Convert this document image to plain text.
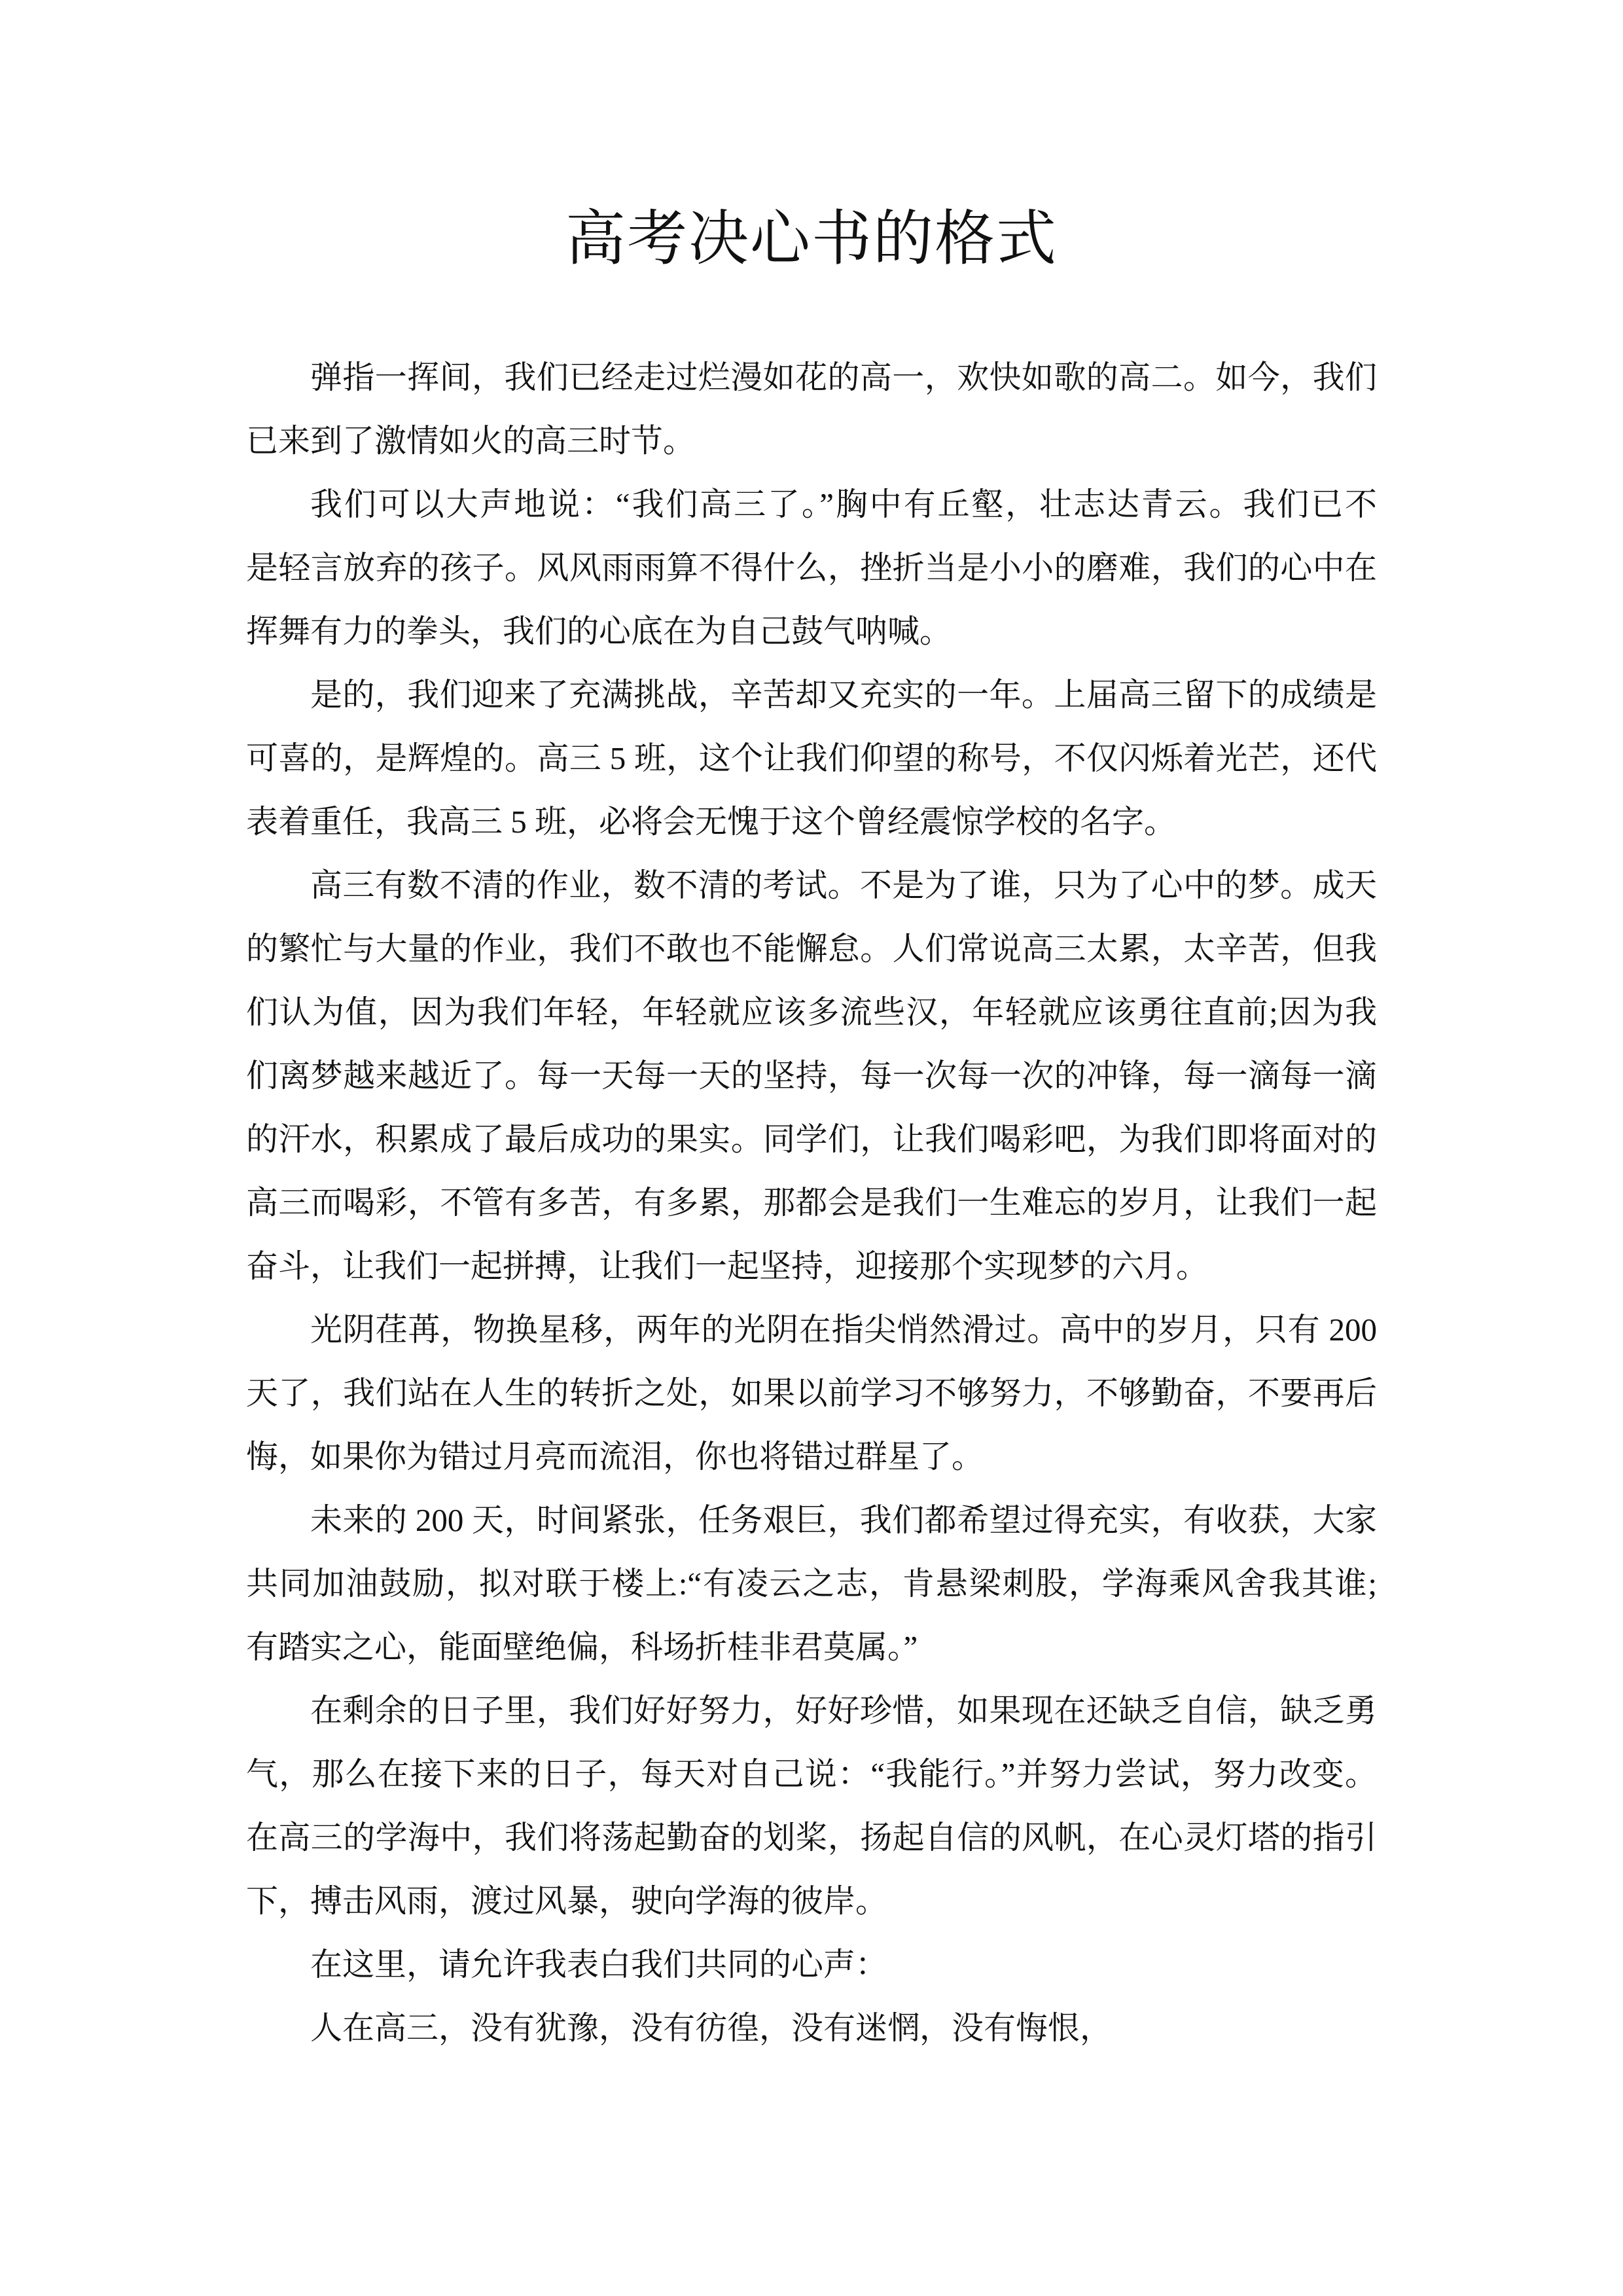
高考决心书的格式
弹指一挥间，我们已经走过烂漫如花的高一，欢快如歌的高二。如今，我们
已来到了激情如火的高三时节。
我们可以大声地说：“我们高三了。”胸中有丘壑，壮志达青云。我们已不
是轻言放弃的孩子。风风雨雨算不得什么，挫折当是小小的磨难，我们的心中在
挥舞有力的拳头，我们的心底在为自己鼓气呐喊。
是的，我们迎来了充满挑战，辛苦却又充实的一年。上届高三留下的成绩是
可喜的，是辉煌的。高三 5 班，这个让我们仰望的称号，不仅闪烁着光芒，还代
表着重任，我高三 5 班，必将会无愧于这个曾经震惊学校的名字。
高三有数不清的作业，数不清的考试。不是为了谁，只为了心中的梦。成天
的繁忙与大量的作业，我们不敢也不能懈怠。人们常说高三太累，太辛苦，但我
们认为值，因为我们年轻，年轻就应该多流些汉，年轻就应该勇往直前;因为我
们离梦越来越近了。每一天每一天的坚持，每一次每一次的冲锋，每一滴每一滴
的汗水，积累成了最后成功的果实。同学们，让我们喝彩吧，为我们即将面对的
高三而喝彩，不管有多苦，有多累，那都会是我们一生难忘的岁月，让我们一起
奋斗，让我们一起拼搏，让我们一起坚持，迎接那个实现梦的六月。
光阴荏苒，物换星移，两年的光阴在指尖悄然滑过。高中的岁月，只有 200
天了，我们站在人生的转折之处，如果以前学习不够努力，不够勤奋，不要再后
悔，如果你为错过月亮而流泪，你也将错过群星了。
未来的 200 天，时间紧张，任务艰巨，我们都希望过得充实，有收获，大家
共同加油鼓励，拟对联于楼上:“有凌云之志，肯悬梁刺股，学海乘风舍我其谁;
有踏实之心，能面壁绝偏，科场折桂非君莫属。”
在剩余的日子里，我们好好努力，好好珍惜，如果现在还缺乏自信，缺乏勇
气，那么在接下来的日子，每天对自己说：“我能行。”并努力尝试，努力改变。
在高三的学海中，我们将荡起勤奋的划桨，扬起自信的风帆，在心灵灯塔的指引
下，搏击风雨，渡过风暴，驶向学海的彼岸。
在这里，请允许我表白我们共同的心声：
人在高三，没有犹豫，没有彷徨，没有迷惘，没有悔恨，
